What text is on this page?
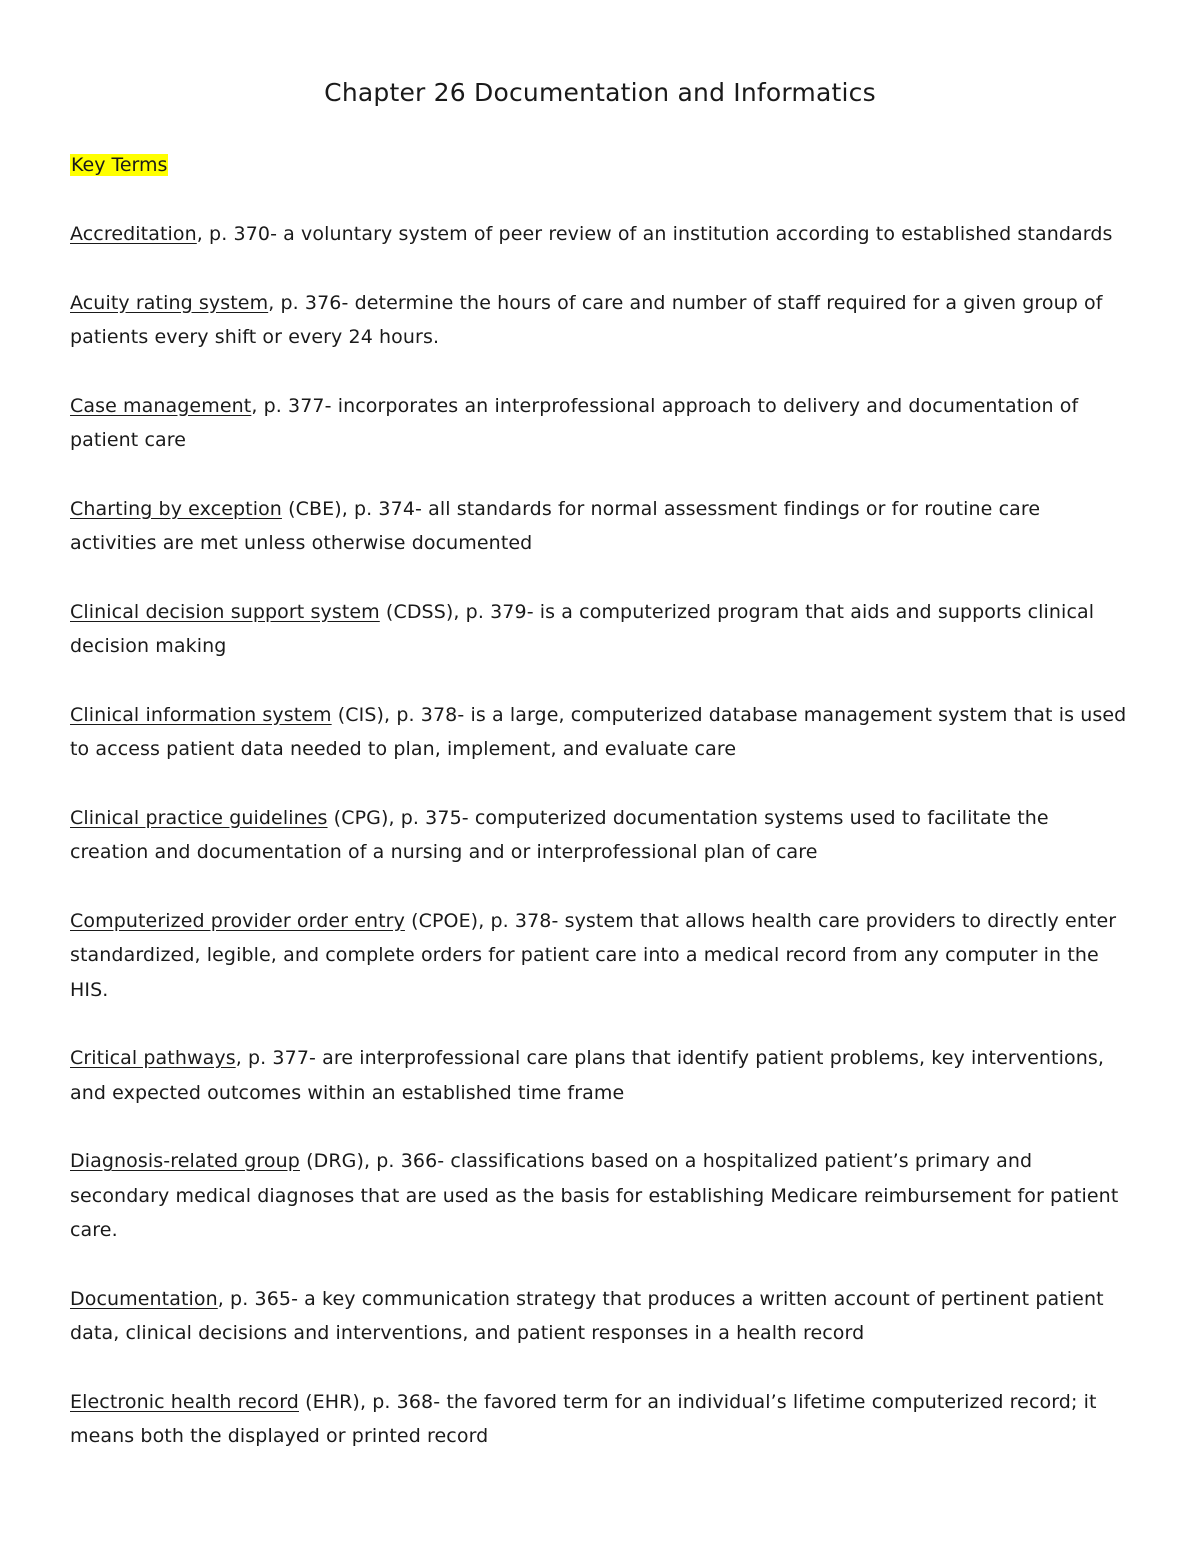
Chapter 26 Documentation and Informatics

Key Terms

Accreditation, p. 370- a voluntary system of peer review of an institution according to established standards
Acuity rating system, p. 376- determine the hours of care and number of staff required for a given group of patients every shift or every 24 hours.
Case management, p. 377- incorporates an interprofessional approach to delivery and documentation of patient care
Charting by exception (CBE), p. 374- all standards for normal assessment findings or for routine care activities are met unless otherwise documented
Clinical decision support system (CDSS), p. 379- is a computerized program that aids and supports clinical decision making
Clinical information system (CIS), p. 378- is a large, computerized database management system that is used to access patient data needed to plan, implement, and evaluate care
Clinical practice guidelines (CPG), p. 375- computerized documentation systems used to facilitate the creation and documentation of a nursing and or interprofessional plan of care
Computerized provider order entry (CPOE), p. 378- system that allows health care providers to directly enter standardized, legible, and complete orders for patient care into a medical record from any computer in the HIS.
Critical pathways, p. 377- are interprofessional care plans that identify patient problems, key interventions, and expected outcomes within an established time frame
Diagnosis-related group (DRG), p. 366- classifications based on a hospitalized patient’s primary and secondary medical diagnoses that are used as the basis for establishing Medicare reimbursement for patient care.
Documentation, p. 365- a key communication strategy that produces a written account of pertinent patient data, clinical decisions and interventions, and patient responses in a health record
Electronic health record (EHR), p. 368- the favored term for an individual’s lifetime computerized record; it means both the displayed or printed record
